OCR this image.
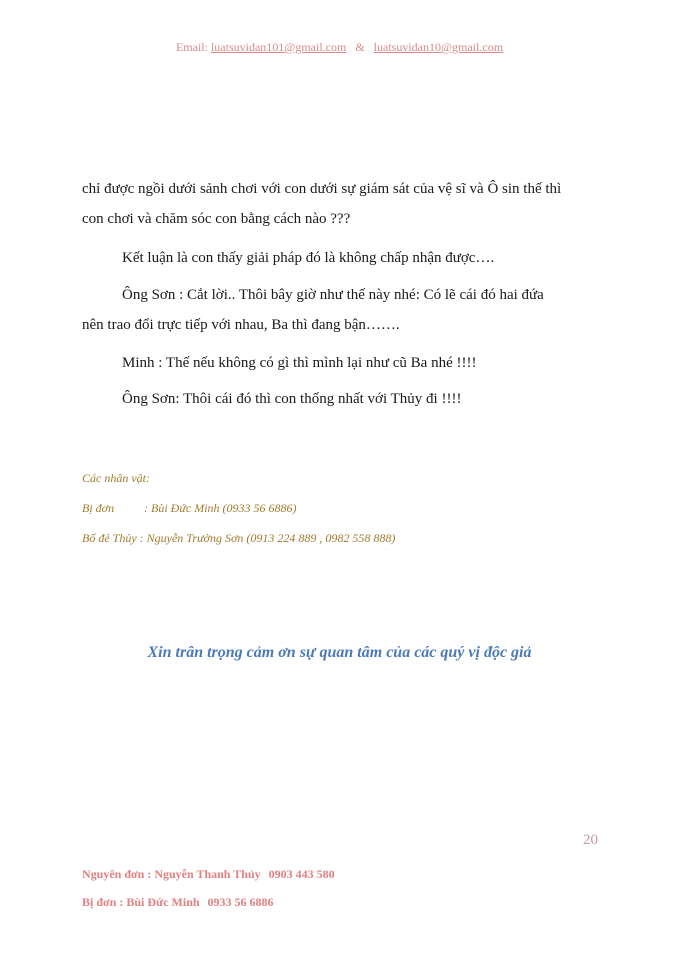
Email: luatsuvidan101@gmail.com & luatsuvidan10@gmail.com

chỉ được ngồi dưới sảnh chơi với con dưới sự giám sát của vệ sĩ và Ô sin thế thì

con chơi và chăm sóc con bằng cách nào ???

Kết luận là con thấy giải pháp đó là không chấp nhận được….

Ông Sơn : Cắt lời.. Thôi bây giờ như thế này nhé: Có lẽ cái đó hai đứa

nên trao đổi trực tiếp với nhau, Ba thì đang bận…….

Minh : Thế nếu không có gì thì mình lại như cũ Ba nhé !!!!

Ông Sơn: Thôi cái đó thì con thống nhất với Thủy đi !!!!

Các nhân vật:
Bị đơn : Bùi Đức Minh (0933 56 6886)
Bố đẻ Thủy : Nguyễn Trường Sơn (0913 224 889 , 0982 558 888)
Xin trân trọng cảm ơn sự quan tâm của các quý vị độc giả
20
Nguyên đơn : Nguyễn Thanh Thủy 0903 443 580
Bị đơn : Bùi Đức Minh 0933 56 6886
